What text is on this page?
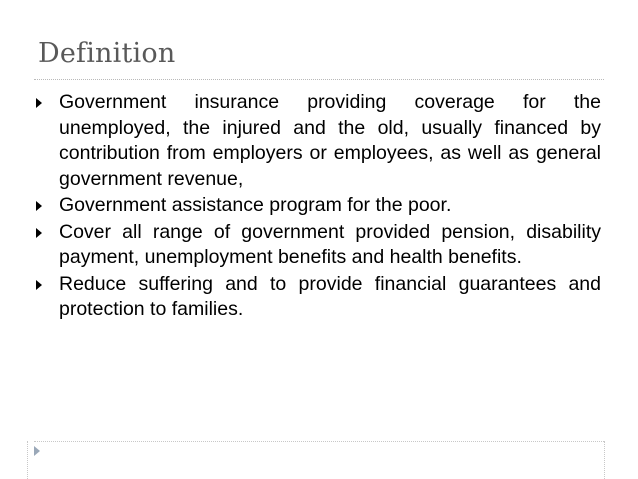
Definition
Government insurance providing coverage for the unemployed, the injured and the old, usually financed by contribution from employers or employees, as well as general government revenue,
Government assistance program for the poor.
Cover all range of government provided pension, disability payment, unemployment benefits and health benefits.
Reduce suffering and to provide financial guarantees and protection to families.
